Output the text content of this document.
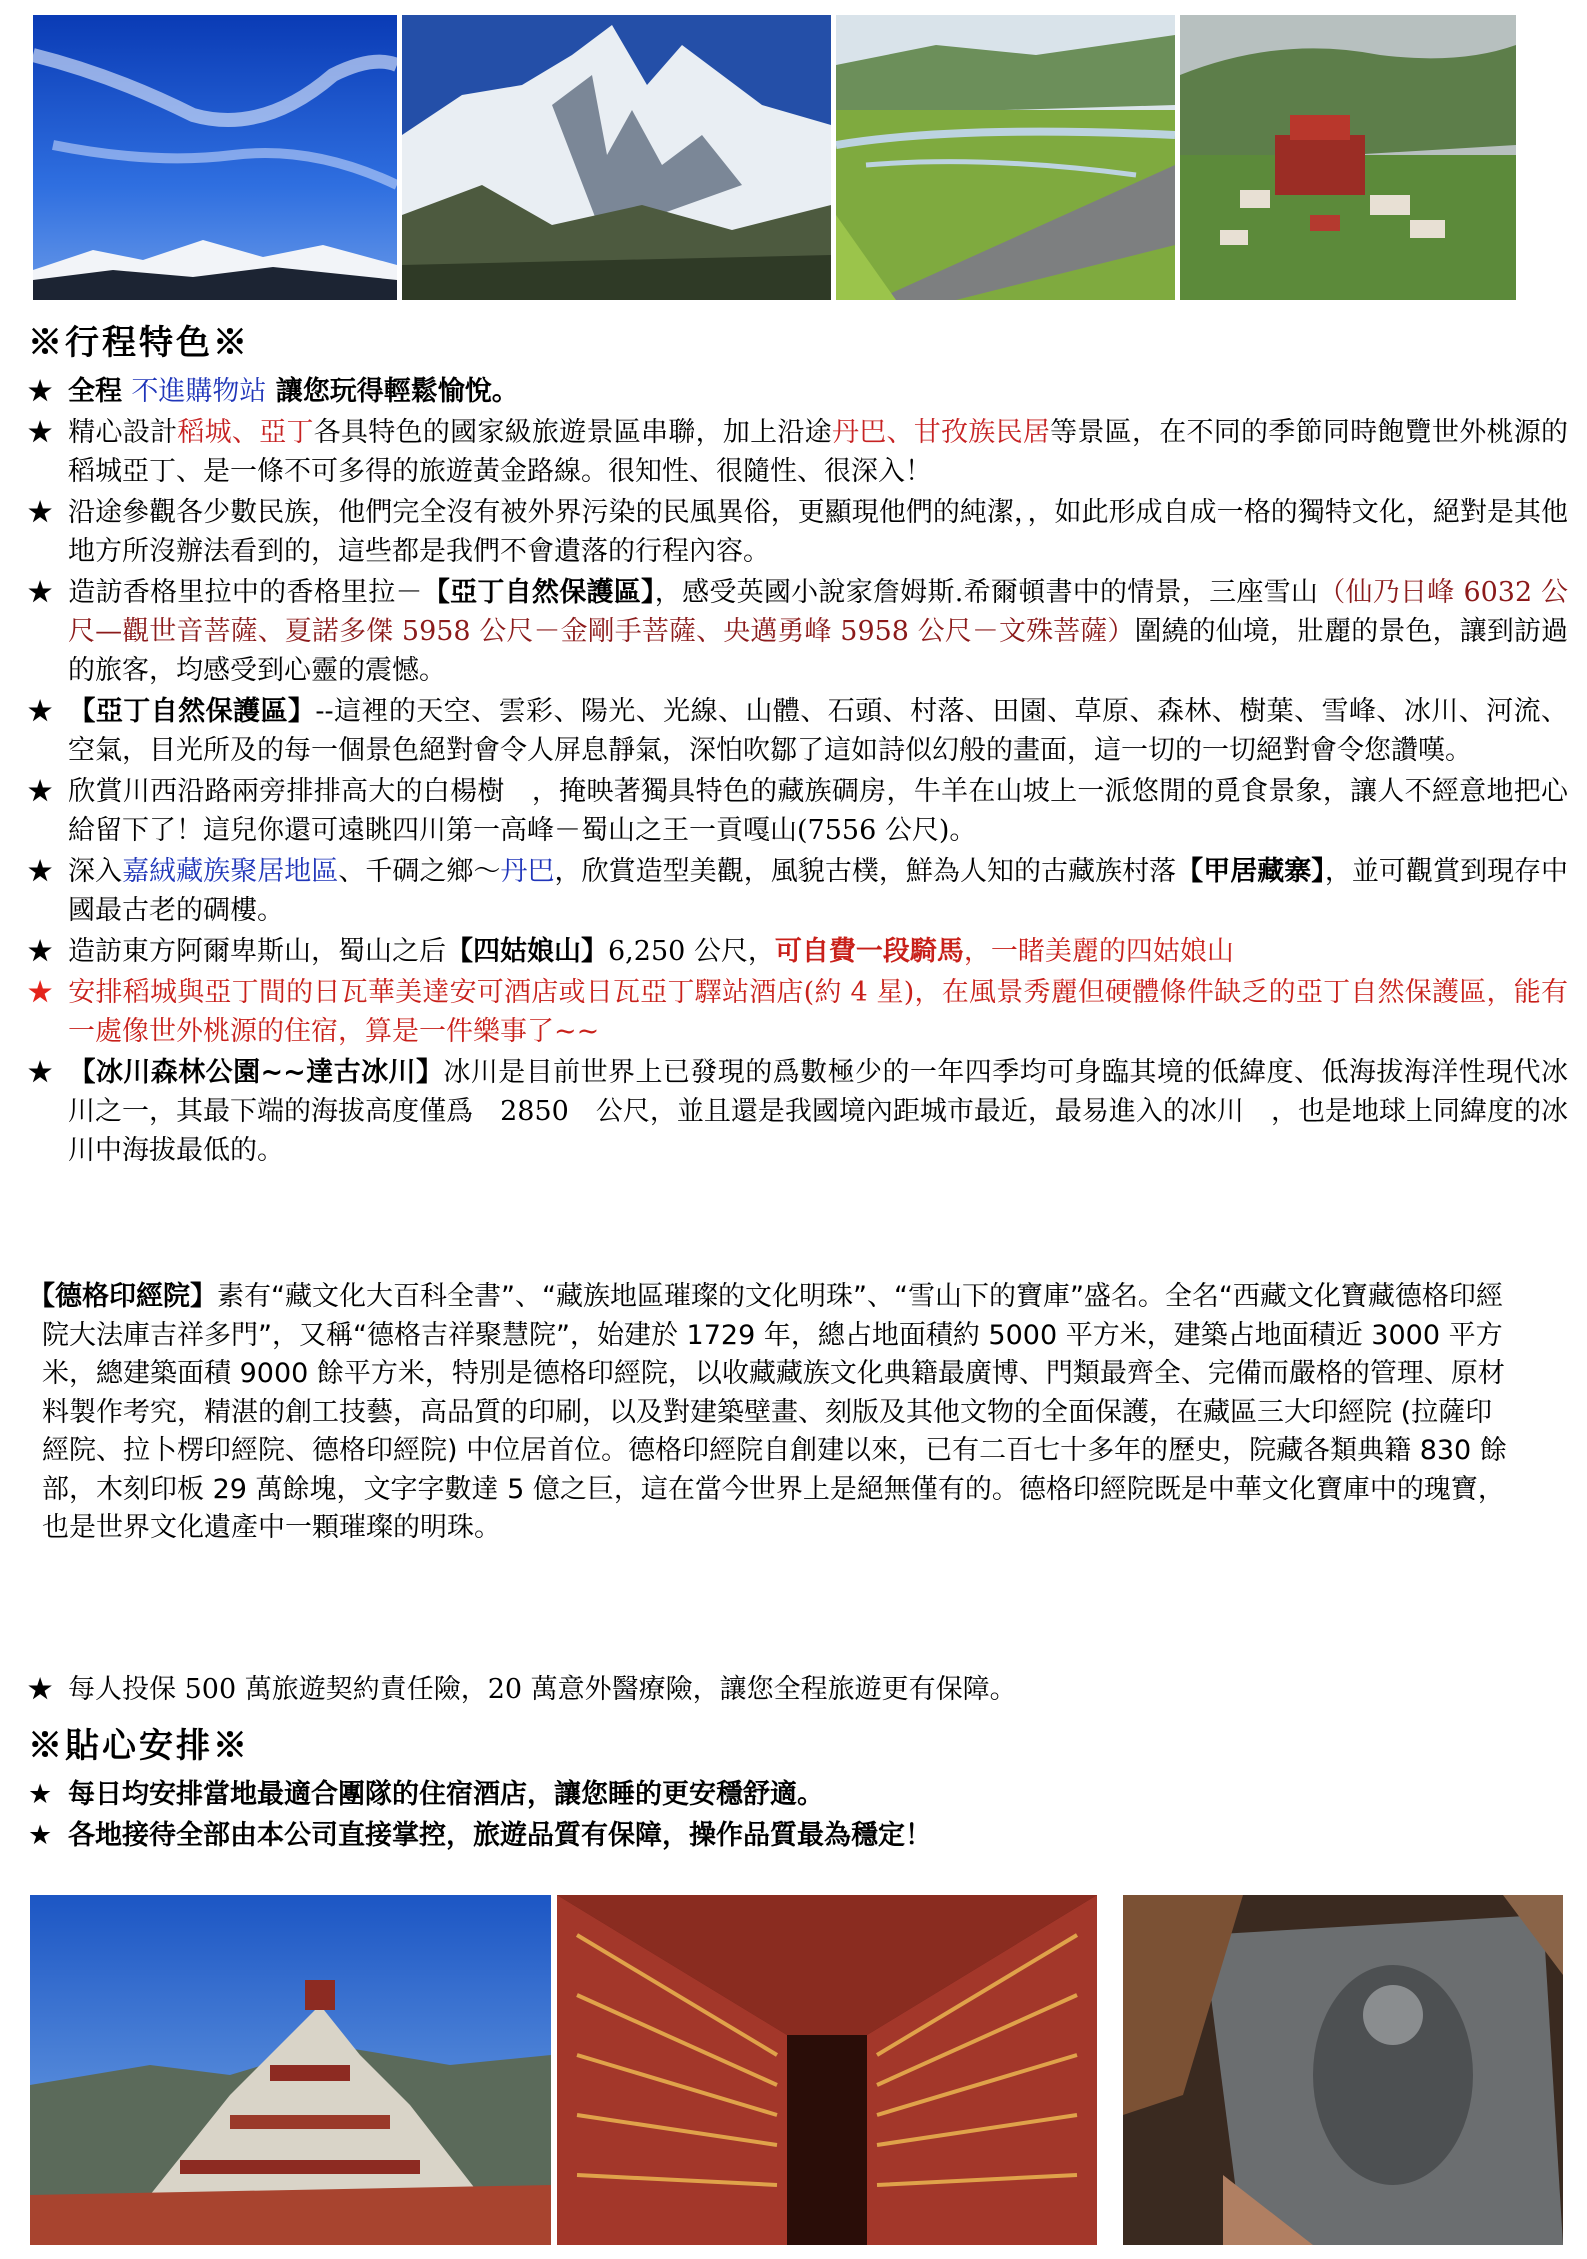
※行程特色※

★ 全程 不進購物站 讓您玩得輕鬆愉悅。

★ 精心設計稻城、亞丁各具特色的國家級旅遊景區串聯，加上沿途丹巴、甘孜族民居等景區，在不同的季節同時飽覽世外桃源的稻城亞丁、是一條不可多得的旅遊黃金路線。很知性、很隨性、很深入！

★ 沿途參觀各少數民族，他們完全沒有被外界污染的民風異俗，更顯現他們的純潔，，如此形成自成一格的獨特文化，絕對是其他地方所沒辦法看到的，這些都是我們不會遺落的行程內容。

★ 造訪香格里拉中的香格里拉－【亞丁自然保護區】，感受英國小說家詹姆斯.希爾頓書中的情景，三座雪山（仙乃日峰 6032 公尺—觀世音菩薩、夏諾多傑 5958 公尺－金剛手菩薩、央邁勇峰 5958 公尺－文殊菩薩）圍繞的仙境，壯麗的景色，讓到訪過的旅客，均感受到心靈的震憾。

★ 【亞丁自然保護區】--這裡的天空、雲彩、陽光、光線、山體、石頭、村落、田園、草原、森林、樹葉、雪峰、冰川、河流、空氣，目光所及的每一個景色絕對會令人屏息靜氣，深怕吹鄒了這如詩似幻般的畫面，這一切的一切絕對會令您讚嘆。

★ 欣賞川西沿路兩旁排排高大的白楊樹　，掩映著獨具特色的藏族碉房，牛羊在山坡上一派悠閒的覓食景象，讓人不經意地把心給留下了！這兒你還可遠眺四川第一高峰－蜀山之王一貢嘎山(7556 公尺)。

★ 深入嘉絨藏族聚居地區、千碉之鄉～丹巴，欣賞造型美觀，風貌古樸，鮮為人知的古藏族村落【甲居藏寨】，並可觀賞到現存中國最古老的碉樓。

★ 造訪東方阿爾卑斯山，蜀山之后【四姑娘山】6,250 公尺，可自費一段騎馬，一睹美麗的四姑娘山

★ 安排稻城與亞丁間的日瓦華美達安可酒店或日瓦亞丁驛站酒店(約 4 星)，在風景秀麗但硬體條件缺乏的亞丁自然保護區，能有一處像世外桃源的住宿，算是一件樂事了~~

★ 【冰川森林公園~~達古冰川】冰川是目前世界上已發現的爲數極少的一年四季均可身臨其境的低緯度、低海拔海洋性現代冰川之一，其最下端的海拔高度僅爲　2850　公尺，並且還是我國境內距城市最近，最易進入的冰川　，也是地球上同緯度的冰川中海拔最低的。

【德格印經院】素有“藏文化大百科全書”、“藏族地區璀璨的文化明珠”、“雪山下的寶庫”盛名。全名“西藏文化寶藏德格印經院大法庫吉祥多門”，又稱“德格吉祥聚慧院”，始建於 1729 年，總占地面積約 5000 平方米，建築占地面積近 3000 平方米，總建築面積 9000 餘平方米，特別是德格印經院，以收藏藏族文化典籍最廣博、門類最齊全、完備而嚴格的管理、原材料製作考究，精湛的創工技藝，高品質的印刷，以及對建築壁畫、刻版及其他文物的全面保護，在藏區三大印經院 (拉薩印經院、拉卜楞印經院、德格印經院) 中位居首位。德格印經院自創建以來，已有二百七十多年的歷史，院藏各類典籍 830 餘部，木刻印板 29 萬餘塊，文字字數達 5 億之巨，這在當今世界上是絕無僅有的。德格印經院既是中華文化寶庫中的瑰寶，也是世界文化遺產中一顆璀璨的明珠。

★ 每人投保 500 萬旅遊契約責任險，20 萬意外醫療險，讓您全程旅遊更有保障。

※貼心安排※

★ 每日均安排當地最適合團隊的住宿酒店，讓您睡的更安穩舒適。

★ 各地接待全部由本公司直接掌控，旅遊品質有保障，操作品質最為穩定！
